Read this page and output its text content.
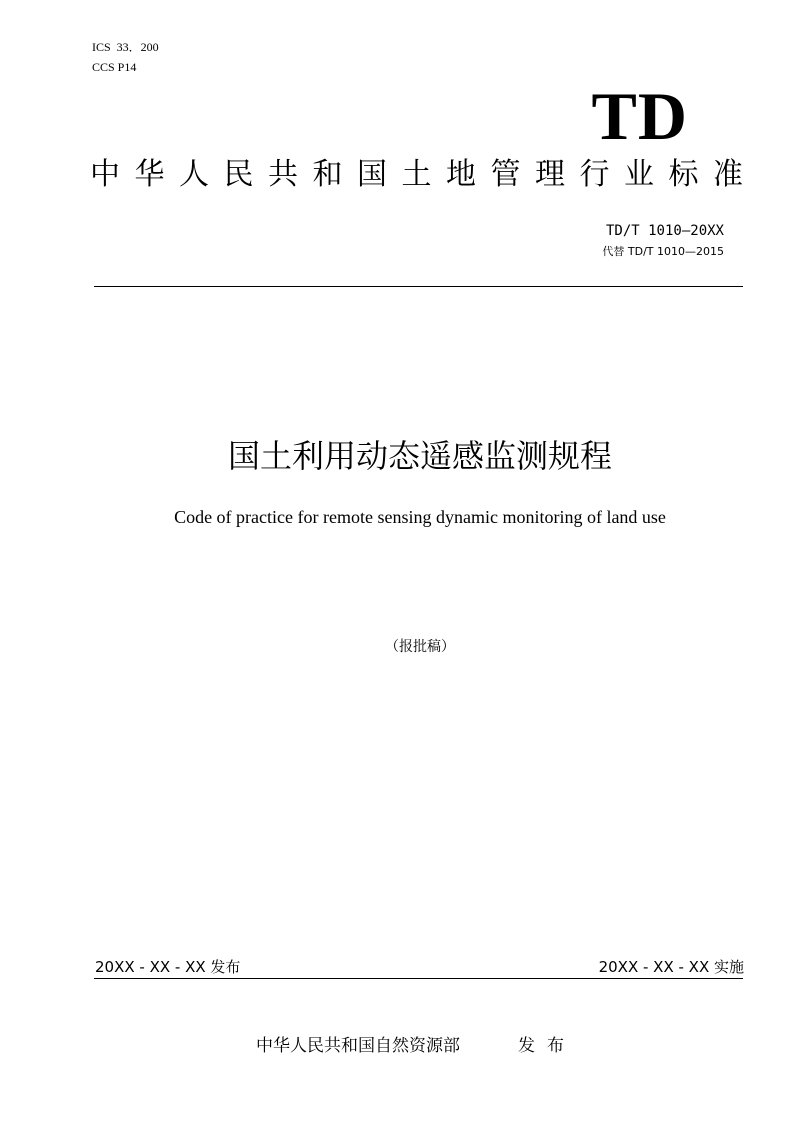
ICS  33．200
CCS P14
TD
中华人民共和国土地管理行业标准
TD/T 1010—20XX
代替 TD/T 1010—2015
国土利用动态遥感监测规程
Code of practice for remote sensing dynamic monitoring of land use
（报批稿）
20XX - XX - XX 发布	20XX - XX - XX 实施
中华人民共和国自然资源部	发布
